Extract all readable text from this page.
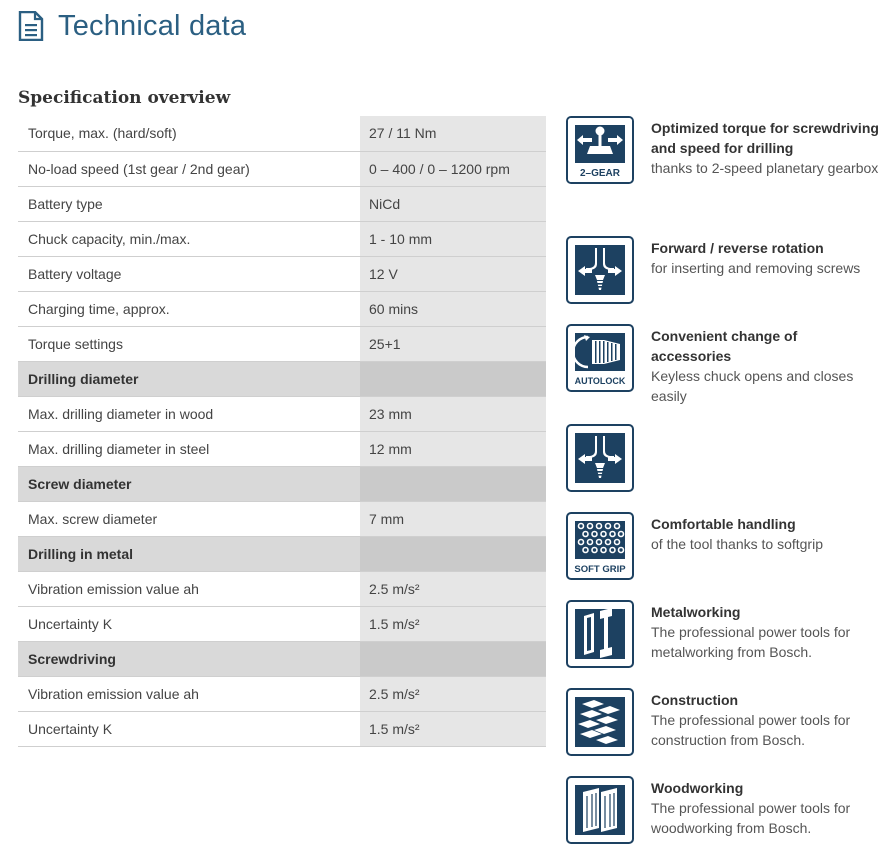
Technical data
Specification overview
Torque, max. (hard/soft)	27 / 11 Nm
No-load speed (1st gear / 2nd gear)	0 – 400 / 0 – 1200 rpm
Battery type	NiCd
Chuck capacity, min./max.	1 - 10 mm
Battery voltage	12 V
Charging time, approx.	60 mins
Torque settings	25+1
Drilling diameter	
Max. drilling diameter in wood	23 mm
Max. drilling diameter in steel	12 mm
Screw diameter	
Max. screw diameter	7 mm
Drilling in metal	
Vibration emission value ah	2.5 m/s²
Uncertainty K	1.5 m/s²
Screwdriving	
Vibration emission value ah	2.5 m/s²
Uncertainty K	1.5 m/s²
2–GEAR
Optimized torque for screwdriving and speed for drilling
thanks to 2-speed planetary gearbox
Forward / reverse rotation
for inserting and removing screws
AUTOLOCK
Convenient change of accessories
Keyless chuck opens and closes easily
SOFT GRIP
Comfortable handling
of the tool thanks to softgrip
Metalworking
The professional power tools for metalworking from Bosch.
Construction
The professional power tools for construction from Bosch.
Woodworking
The professional power tools for woodworking from Bosch.
